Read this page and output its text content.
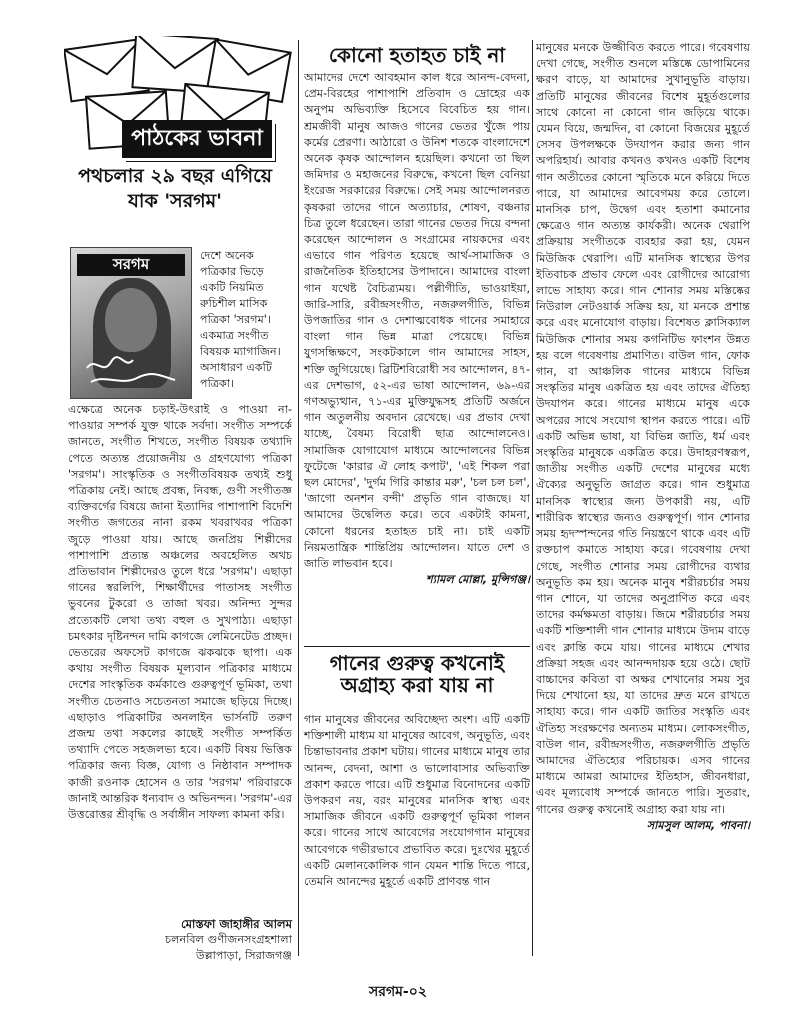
পাঠকের ভাবনা
পথচলার ২৯ বছর এগিয়ে যাক 'সরগম'
সরগম	দেশে অনেক পত্রিকার ভিড়ে একটি নিয়মিত রুচিশীল মাসিক পত্রিকা 'সরগম'। একমাত্র সংগীত বিষয়ক ম্যাগাজিন। অসাধারণ একটি পত্রিকা।

এক্ষেত্রে অনেক চড়াই-উৎরাই ও পাওয়া না-পাওয়ার সম্পর্ক যুক্ত থাকে সর্বদা। সংগীত সম্পর্কে জানতে, সংগীত শিখতে, সংগীত বিষয়ক তথ্যাদি পেতে অত্যন্ত প্রয়োজনীয় ও গ্রহণযোগ্য পত্রিকা 'সরগম'। সাংস্কৃতিক ও সংগীতবিষয়ক তথ্যই শুধু পত্রিকায় নেই। আছে প্রবন্ধ, নিবন্ধ, গুণী সংগীতজ্ঞ ব্যক্তিবর্গের বিষয়ে জানা ইত্যাদির পাশাপাশি বিদেশি সংগীত জগতের নানা রকম খবরাখবর পত্রিকা জুড়ে পাওয়া যায়। আছে জনপ্রিয় শিল্পীদের পাশাপাশি প্রত্যন্ত অঞ্চলের অবহেলিত অথচ প্রতিভাবান শিল্পীদেরও তুলে ধরে 'সরগম'। এছাড়া গানের স্বরলিপি, শিক্ষার্থীদের পাতাসহ সংগীত ভুবনের টুকরো ও তাজা খবর। অনিন্দ্য সুন্দর প্রত্যেকটি লেখা তথ্য বহুল ও সুখপাঠ্য। এছাড়া চমৎকার দৃষ্টিনন্দন দামি কাগজে লেমিনেটেড প্রচ্ছদ। ভেতরের অফসেট কাগজে ঝকঝকে ছাপা। এক কথায় সংগীত বিষয়ক মূল্যবান পত্রিকার মাধ্যমে দেশের সাংস্কৃতিক কর্মকাণ্ডে গুরুত্বপূর্ণ ভূমিকা, তথা সংগীত চেতনাও সচেতনতা সমাজে ছড়িয়ে দিচ্ছে। এছাড়াও পত্রিকাটির অনলাইন ভার্সনটি তরুণ প্রজন্ম তথা সকলের কাছেই সংগীত সম্পর্কিত তথ্যাদি পেতে সহজলভ্য হবে। একটি বিষয় ভিত্তিক পত্রিকার জন্য বিজ্ঞ, যোগ্য ও নিষ্ঠাবান সম্পাদক কাজী রওনাক হোসেন ও তার 'সরগম' পরিবারকে জানাই আন্তরিক ধন্যবাদ ও অভিনন্দন। 'সরগম'-এর উত্তরোত্তর শ্রীবৃদ্ধি ও সর্বাঙ্গীন সাফল্য কামনা করি।

মোস্তফা জাহাঙ্গীর আলম
চলনবিল গুণীজনসংগ্রহশালা
উল্লাপাড়া, সিরাজগঞ্জ
কোনো হতাহত চাই না

আমাদের দেশে আবহমান কাল ধরে আনন্দ-বেদনা, প্রেম-বিরহের পাশাপাশি প্রতিবাদ ও দ্রোহের এক অনুপম অভিব্যক্তি হিসেবে বিবেচিত হয় গান। শ্রমজীবী মানুষ আজও গানের ভেতর খুঁজে পায় কর্মের প্রেরণা। আঠারো ও উনিশ শতকে বাংলাদেশে অনেক কৃষক আন্দোলন হয়েছিল। কখনো তা ছিল জমিদার ও মহাজনের বিরুদ্ধে, কখনো ছিল বেনিয়া ইংরেজ সরকারের বিরুদ্ধে। সেই সময় আন্দোলনরত কৃষকরা তাদের গানে অত্যাচার, শোষণ, বঞ্চনার চিত্র তুলে ধরেছেন। তারা গানের ভেতর দিয়ে বন্দনা করেছেন আন্দোলন ও সংগ্রামের নায়কদের এবং এভাবে গান পরিণত হয়েছে আর্থ-সামাজিক ও রাজনৈতিক ইতিহাসের উপাদানে। আমাদের বাংলা গান যথেষ্ট বৈচিত্র্যময়। পল্লীগীতি, ভাওয়াইয়া, জারি-সারি, রবীন্দ্রসংগীত, নজরুলগীতি, বিভিন্ন উপজাতির গান ও দেশাত্মবোধক গানের সমাহারে বাংলা গান ভিন্ন মাত্রা পেয়েছে। বিভিন্ন যুগসন্ধিক্ষণে, সংকটকালে গান আমাদের সাহস, শক্তি জুগিয়েছে। ব্রিটিশবিরোধী সব আন্দোলন, ৪৭-এর দেশভাগ, ৫২-এর ভাষা আন্দোলন, ৬৯-এর গণঅভ্যুত্থান, ৭১-এর মুক্তিযুদ্ধসহ প্রতিটি অর্জনে গান অতুলনীয় অবদান রেখেছে। এর প্রভাব দেখা যাচ্ছে, বৈষম্য বিরোধী ছাত্র আন্দোলনেও। সামাজিক যোগাযোগ মাধ্যমে আন্দোলনের বিভিন্ন ফুটেজে 'কারার ঐ লোহ কপাট', 'এই শিকল পরা ছল মোদের', 'দুর্গম গিরি কান্তার মরু', 'চল চল চল', 'জাগো অনশন বন্দী' প্রভৃতি গান বাজছে। যা আমাদের উদ্বেলিত করে। তবে একটাই কামনা, কোনো ধরনের হতাহত চাই না। চাই একটি নিয়মতান্ত্রিক শান্তিপ্রিয় আন্দোলন। যাতে দেশ ও জাতি লাভবান হবে।

শ্যামল মোল্লা, মুন্সিগঞ্জ।

গানের গুরুত্ব কখনোই অগ্রাহ্য করা যায় না

গান মানুষের জীবনের অবিচ্ছেদ্য অংশ। এটি একটি শক্তিশালী মাধ্যম যা মানুষের আবেগ, অনুভূতি, এবং চিন্তাভাবনার প্রকাশ ঘটায়। গানের মাধ্যমে মানুষ তার আনন্দ, বেদনা, আশা ও ভালোবাসার অভিব্যক্তি প্রকাশ করতে পারে। এটি শুধুমাত্র বিনোদনের একটি উপকরণ নয়, বরং মানুষের মানসিক স্বাস্থ্য এবং সামাজিক জীবনে একটি গুরুত্বপূর্ণ ভূমিকা পালন করে। গানের সাথে আবেগের সংযোগগান মানুষের আবেগকে গভীরভাবে প্রভাবিত করে। দুঃখের মুহূর্তে একটি মেলানকোলিক গান যেমন শান্তি দিতে পারে, তেমনি আনন্দের মুহূর্তে একটি প্রাণবন্ত গান

মানুষের মনকে উজ্জীবিত করতে পারে। গবেষণায় দেখা গেছে, সংগীত শুনলে মস্তিষ্কে ডোপামিনের ক্ষরণ বাড়ে, যা আমাদের সুখানুভূতি বাড়ায়। প্রতিটি মানুষের জীবনের বিশেষ মুহূর্তগুলোর সাথে কোনো না কোনো গান জড়িয়ে থাকে। যেমন বিয়ে, জন্মদিন, বা কোনো বিজয়ের মুহূর্তে সেসব উপলক্ষকে উদযাপন করার জন্য গান অপরিহার্য। আবার কখনও কখনও একটি বিশেষ গান অতীতের কোনো স্মৃতিকে মনে করিয়ে দিতে পারে, যা আমাদের আবেগময় করে তোলে। মানসিক চাপ, উদ্বেগ এবং হতাশা কমানোর ক্ষেত্রেও গান অত্যন্ত কার্যকরী। অনেক থেরাপি প্রক্রিয়ায় সংগীতকে ব্যবহার করা হয়, যেমন মিউজিক থেরাপি। এটি মানসিক স্বাস্থ্যের উপর ইতিবাচক প্রভাব ফেলে এবং রোগীদের আরোগ্য লাভে সাহায্য করে। গান শোনার সময় মস্তিষ্কের নিউরাল নেটওয়ার্ক সক্রিয় হয়, যা মনকে প্রশান্ত করে এবং মনোযোগ বাড়ায়। বিশেষত ক্লাসিক্যাল মিউজিক শোনার সময় কগনিটিভ ফাংশন উন্নত হয় বলে গবেষণায় প্রমাণিত। বাউল গান, ফোক গান, বা আঞ্চলিক গানের মাধ্যমে বিভিন্ন সংস্কৃতির মানুষ একত্রিত হয় এবং তাদের ঐতিহ্য উদযাপন করে। গানের মাধ্যমে মানুষ একে অপরের সাথে সংযোগ স্থাপন করতে পারে। এটি একটি অভিন্ন ভাষা, যা বিভিন্ন জাতি, ধর্ম এবং সংস্কৃতির মানুষকে একত্রিত করে। উদাহরণস্বরূপ, জাতীয় সংগীত একটি দেশের মানুষের মধ্যে ঐক্যের অনুভূতি জাগ্রত করে। গান শুধুমাত্র মানসিক স্বাস্থ্যের জন্য উপকারী নয়, এটি শারীরিক স্বাস্থ্যের জন্যও গুরুত্বপূর্ণ। গান শোনার সময় হৃদস্পন্দনের গতি নিয়ন্ত্রণে থাকে এবং এটি রক্তচাপ কমাতে সাহায্য করে। গবেষণায় দেখা গেছে, সংগীত শোনার সময় রোগীদের ব্যথার অনুভূতি কম হয়। অনেক মানুষ শরীরচর্চার সময় গান শোনে, যা তাদের অনুপ্রাণিত করে এবং তাদের কর্মক্ষমতা বাড়ায়। জিমে শরীরচর্চার সময় একটি শক্তিশালী গান শোনার মাধ্যমে উদ্যম বাড়ে এবং ক্লান্তি কমে যায়। গানের মাধ্যমে শেখার প্রক্রিয়া সহজ এবং আনন্দদায়ক হয়ে ওঠে। ছোট বাচ্চাদের কবিতা বা অক্ষর শেখানোর সময় সুর দিয়ে শেখানো হয়, যা তাদের দ্রুত মনে রাখতে সাহায্য করে। গান একটি জাতির সংস্কৃতি এবং ঐতিহ্য সংরক্ষণের অন্যতম মাধ্যম। লোকসংগীত, বাউল গান, রবীন্দ্রসংগীত, নজরুলগীতি প্রভৃতি আমাদের ঐতিহ্যের পরিচায়ক। এসব গানের মাধ্যমে আমরা আমাদের ইতিহাস, জীবনধারা, এবং মূল্যবোধ সম্পর্কে জানতে পারি। সুতরাং, গানের গুরুত্ব কখনোই অগ্রাহ্য করা যায় না।

সামসুল আলম, পাবনা।

সরগম-০২
